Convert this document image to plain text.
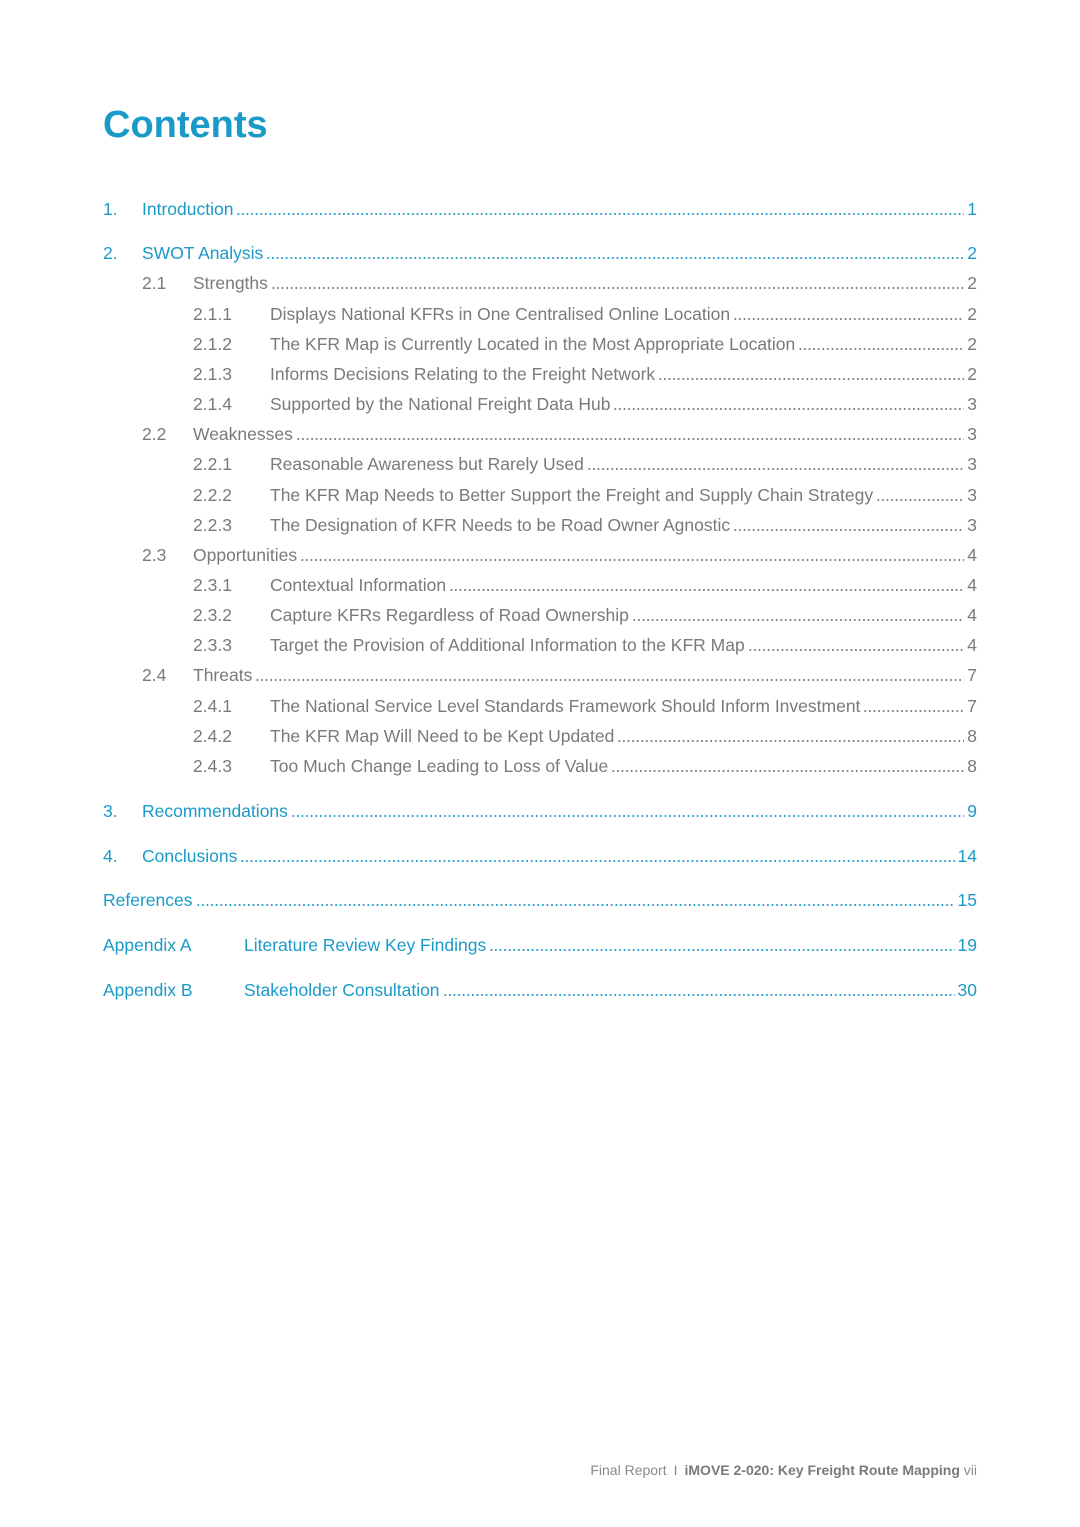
Contents
1.	Introduction	1
2.	SWOT Analysis	2
2.1	Strengths	2
2.1.1	Displays National KFRs in One Centralised Online Location	2
2.1.2	The KFR Map is Currently Located in the Most Appropriate Location	2
2.1.3	Informs Decisions Relating to the Freight Network	2
2.1.4	Supported by the National Freight Data Hub	3
2.2	Weaknesses	3
2.2.1	Reasonable Awareness but Rarely Used	3
2.2.2	The KFR Map Needs to Better Support the Freight and Supply Chain Strategy	3
2.2.3	The Designation of KFR Needs to be Road Owner Agnostic	3
2.3	Opportunities	4
2.3.1	Contextual Information	4
2.3.2	Capture KFRs Regardless of Road Ownership	4
2.3.3	Target the Provision of Additional Information to the KFR Map	4
2.4	Threats	7
2.4.1	The National Service Level Standards Framework Should Inform Investment	7
2.4.2	The KFR Map Will Need to be Kept Updated	8
2.4.3	Too Much Change Leading to Loss of Value	8
3.	Recommendations	9
4.	Conclusions	14
References	15
Appendix A	Literature Review Key Findings	19
Appendix B	Stakeholder Consultation	30
Final Report I iMOVE 2-020: Key Freight Route Mapping vii
